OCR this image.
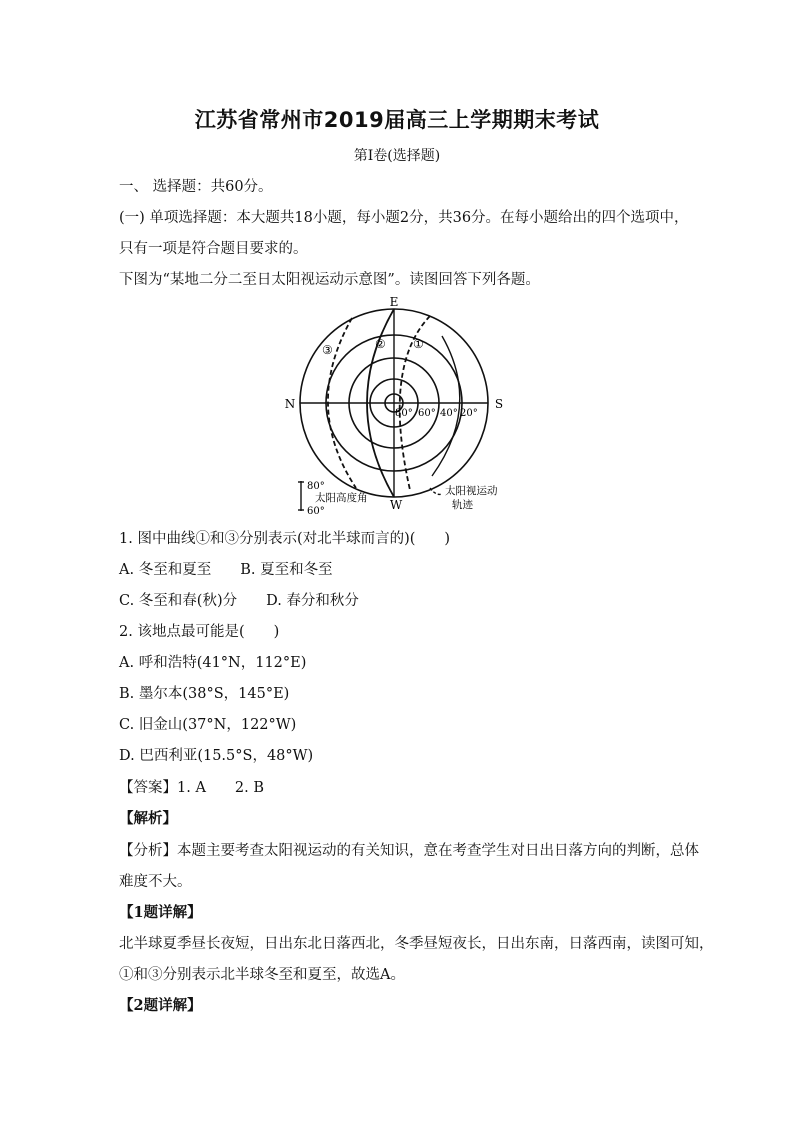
江苏省常州市2019届高三上学期期末考试
第Ⅰ卷(选择题)
一、 选择题：共60分。
(一) 单项选择题：本大题共18小题，每小题2分，共36分。在每小题给出的四个选项中，
只有一项是符合题目要求的。
下图为“某地二分二至日太阳视运动示意图”。读图回答下列各题。
E
W
N	S
①
②
③
80° 60° 40° 20°
80°
太阳高度角
60°
太阳视运动
轨迹
1. 图中曲线①和③分别表示(对北半球而言的)(　　)
A. 冬至和夏至　　B. 夏至和冬至
C. 冬至和春(秋)分　　D. 春分和秋分
2. 该地点最可能是(　　)
A. 呼和浩特(41°N，112°E)
B. 墨尔本(38°S，145°E)
C. 旧金山(37°N，122°W)
D. 巴西利亚(15.5°S，48°W)
【答案】1. A　　2. B
【解析】
【分析】本题主要考查太阳视运动的有关知识，意在考查学生对日出日落方向的判断，总体
难度不大。
【1题详解】
北半球夏季昼长夜短，日出东北日落西北，冬季昼短夜长，日出东南，日落西南，读图可知，
①和③分别表示北半球冬至和夏至，故选A。
【2题详解】
